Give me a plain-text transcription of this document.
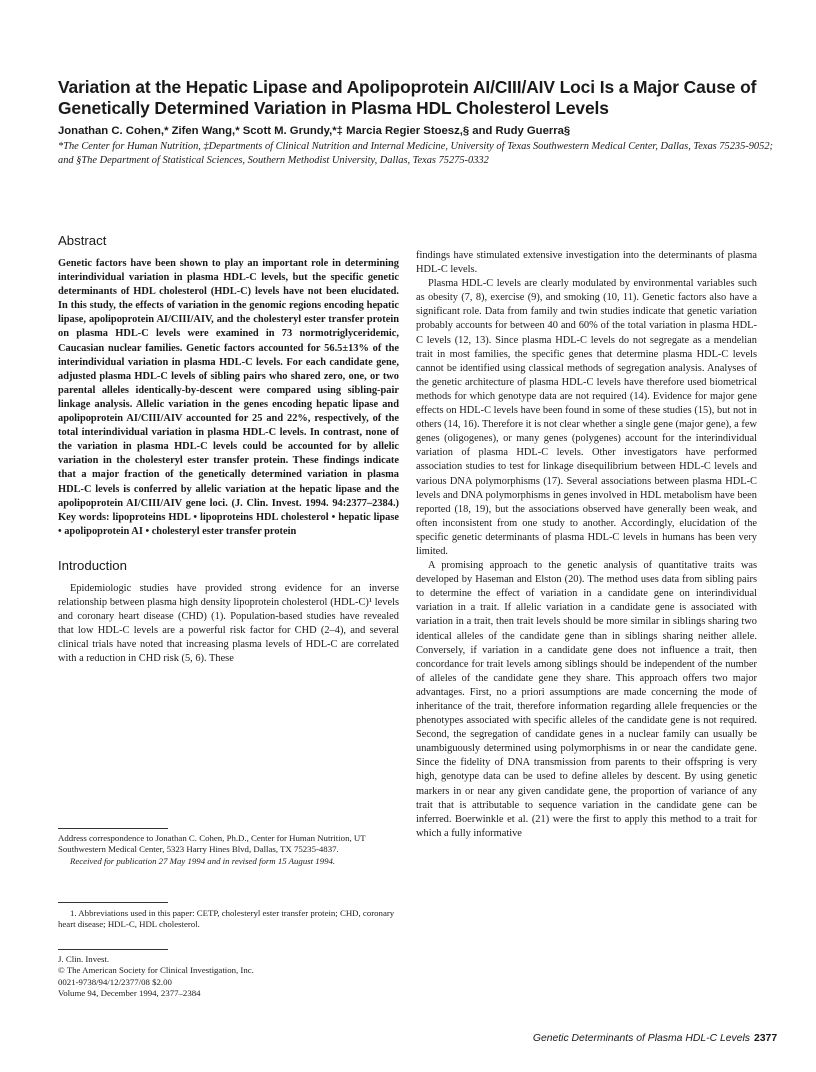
Variation at the Hepatic Lipase and Apolipoprotein AI/CIII/AIV Loci Is a Major Cause of Genetically Determined Variation in Plasma HDL Cholesterol Levels
Jonathan C. Cohen,* Zifen Wang,* Scott M. Grundy,*‡ Marcia Regier Stoesz,§ and Rudy Guerra§
*The Center for Human Nutrition, ‡Departments of Clinical Nutrition and Internal Medicine, University of Texas Southwestern Medical Center, Dallas, Texas 75235-9052; and §The Department of Statistical Sciences, Southern Methodist University, Dallas, Texas 75275-0332
Abstract

Genetic factors have been shown to play an important role in determining interindividual variation in plasma HDL-C levels, but the specific genetic determinants of HDL cholesterol (HDL-C) levels have not been elucidated. In this study, the effects of variation in the genomic regions encoding hepatic lipase, apolipoprotein AI/CIII/AIV, and the cholesteryl ester transfer protein on plasma HDL-C levels were examined in 73 normotriglyceridemic, Caucasian nuclear families. Genetic factors accounted for 56.5±13% of the interindividual variation in plasma HDL-C levels. For each candidate gene, adjusted plasma HDL-C levels of sibling pairs who shared zero, one, or two parental alleles identically-by-descent were compared using sibling-pair linkage analysis. Allelic variation in the genes encoding hepatic lipase and apolipoprotein AI/CIII/AIV accounted for 25 and 22%, respectively, of the total interindividual variation in plasma HDL-C levels. In contrast, none of the variation in plasma HDL-C levels could be accounted for by allelic variation in the cholesteryl ester transfer protein. These findings indicate that a major fraction of the genetically determined variation in plasma HDL-C levels is conferred by allelic variation at the hepatic lipase and the apolipoprotein AI/CIII/AIV gene loci. (J. Clin. Invest. 1994. 94:2377–2384.) Key words: lipoproteins HDL • lipoproteins HDL cholesterol • hepatic lipase • apolipoprotein AI • cholesteryl ester transfer protein

Introduction

Epidemiologic studies have provided strong evidence for an inverse relationship between plasma high density lipoprotein cholesterol (HDL-C)¹ levels and coronary heart disease (CHD) (1). Population-based studies have revealed that low HDL-C levels are a powerful risk factor for CHD (2–4), and several clinical trials have noted that increasing plasma levels of HDL-C are correlated with a reduction in CHD risk (5, 6). These

Address correspondence to Jonathan C. Cohen, Ph.D., Center for Human Nutrition, UT Southwestern Medical Center, 5323 Harry Hines Blvd, Dallas, TX 75235-4837.

Received for publication 27 May 1994 and in revised form 15 August 1994.

1. Abbreviations used in this paper: CETP, cholesteryl ester transfer protein; CHD, coronary heart disease; HDL-C, HDL cholesterol.

J. Clin. Invest.

© The American Society for Clinical Investigation, Inc.

0021-9738/94/12/2377/08 $2.00

Volume 94, December 1994, 2377–2384

findings have stimulated extensive investigation into the determinants of plasma HDL-C levels.

Plasma HDL-C levels are clearly modulated by environmental variables such as obesity (7, 8), exercise (9), and smoking (10, 11). Genetic factors also have a significant role. Data from family and twin studies indicate that genetic variation probably accounts for between 40 and 60% of the total variation in plasma HDL-C levels (12, 13). Since plasma HDL-C levels do not segregate as a mendelian trait in most families, the specific genes that determine plasma HDL-C levels cannot be identified using classical methods of segregation analysis. Analyses of the genetic architecture of plasma HDL-C levels have therefore used biometrical methods for which genotype data are not required (14). Evidence for major gene effects on HDL-C levels have been found in some of these studies (15), but not in others (14, 16). Therefore it is not clear whether a single gene (major gene), a few genes (oligogenes), or many genes (polygenes) account for the interindividual variation of plasma HDL-C levels. Other investigators have performed association studies to test for linkage disequilibrium between HDL-C levels and various DNA polymorphisms (17). Several associations between plasma HDL-C levels and DNA polymorphisms in genes involved in HDL metabolism have been reported (18, 19), but the associations observed have generally been weak, and often inconsistent from one study to another. Accordingly, elucidation of the specific genetic determinants of plasma HDL-C levels in humans has been very limited.

A promising approach to the genetic analysis of quantitative traits was developed by Haseman and Elston (20). The method uses data from sibling pairs to determine the effect of variation in a candidate gene on interindividual variation in a trait. If allelic variation in a candidate gene is associated with variation in a trait, then trait levels should be more similar in siblings sharing two identical alleles of the candidate gene than in siblings sharing neither allele. Conversely, if variation in a candidate gene does not influence a trait, then concordance for trait levels among siblings should be independent of the number of alleles of the candidate gene they share. This approach offers two major advantages. First, no a priori assumptions are made concerning the mode of inheritance of the trait, therefore information regarding allele frequencies or the phenotypes associated with specific alleles of the candidate gene is not required. Second, the segregation of candidate genes in a nuclear family can usually be unambiguously determined using polymorphisms in or near the candidate gene. Since the fidelity of DNA transmission from parents to their offspring is very high, genotype data can be used to define alleles by descent. By using genetic markers in or near any given candidate gene, the proportion of variance of any trait that is attributable to sequence variation in the candidate gene can be inferred. Boerwinkle et al. (21) were the first to apply this method to a trait for which a fully informative

Genetic Determinants of Plasma HDL-C Levels 2377
